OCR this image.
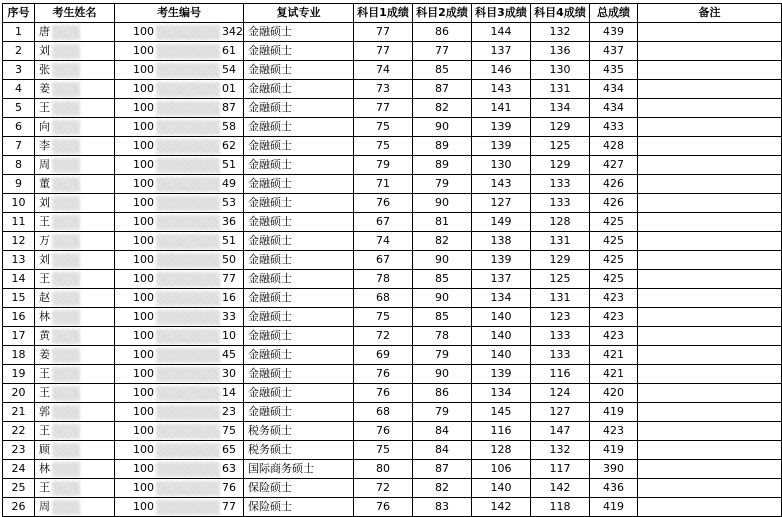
序号	考生姓名	考生编号	复试专业	科目1成绩	科目2成绩	科目3成绩	科目4成绩	总成绩	备注
1	唐	100 342	金融硕士	77	86	144	132	439	
2	刘	100 61	金融硕士	77	77	137	136	437	
3	张	100 54	金融硕士	74	85	146	130	435	
4	姜	100 01	金融硕士	73	87	143	131	434	
5	王	100 87	金融硕士	77	82	141	134	434	
6	向	100 58	金融硕士	75	90	139	129	433	
7	李	100 62	金融硕士	75	89	139	125	428	
8	周	100 51	金融硕士	79	89	130	129	427	
9	董	100 49	金融硕士	71	79	143	133	426	
10	刘	100 53	金融硕士	76	90	127	133	426	
11	王	100 36	金融硕士	67	81	149	128	425	
12	万	100 51	金融硕士	74	82	138	131	425	
13	刘	100 50	金融硕士	67	90	139	129	425	
14	王	100 77	金融硕士	78	85	137	125	425	
15	赵	100 16	金融硕士	68	90	134	131	423	
16	林	100 33	金融硕士	75	85	140	123	423	
17	黄	100 10	金融硕士	72	78	140	133	423	
18	姜	100 45	金融硕士	69	79	140	133	421	
19	王	100 30	金融硕士	76	90	139	116	421	
20	王	100 14	金融硕士	76	86	134	124	420	
21	郭	100 23	金融硕士	68	79	145	127	419	
22	王	100 75	税务硕士	76	84	116	147	423	
23	顾	100 65	税务硕士	75	84	128	132	419	
24	林	100 63	国际商务硕士	80	87	106	117	390	
25	王	100 76	保险硕士	72	82	140	142	436	
26	周	100 77	保险硕士	76	83	142	118	419	
